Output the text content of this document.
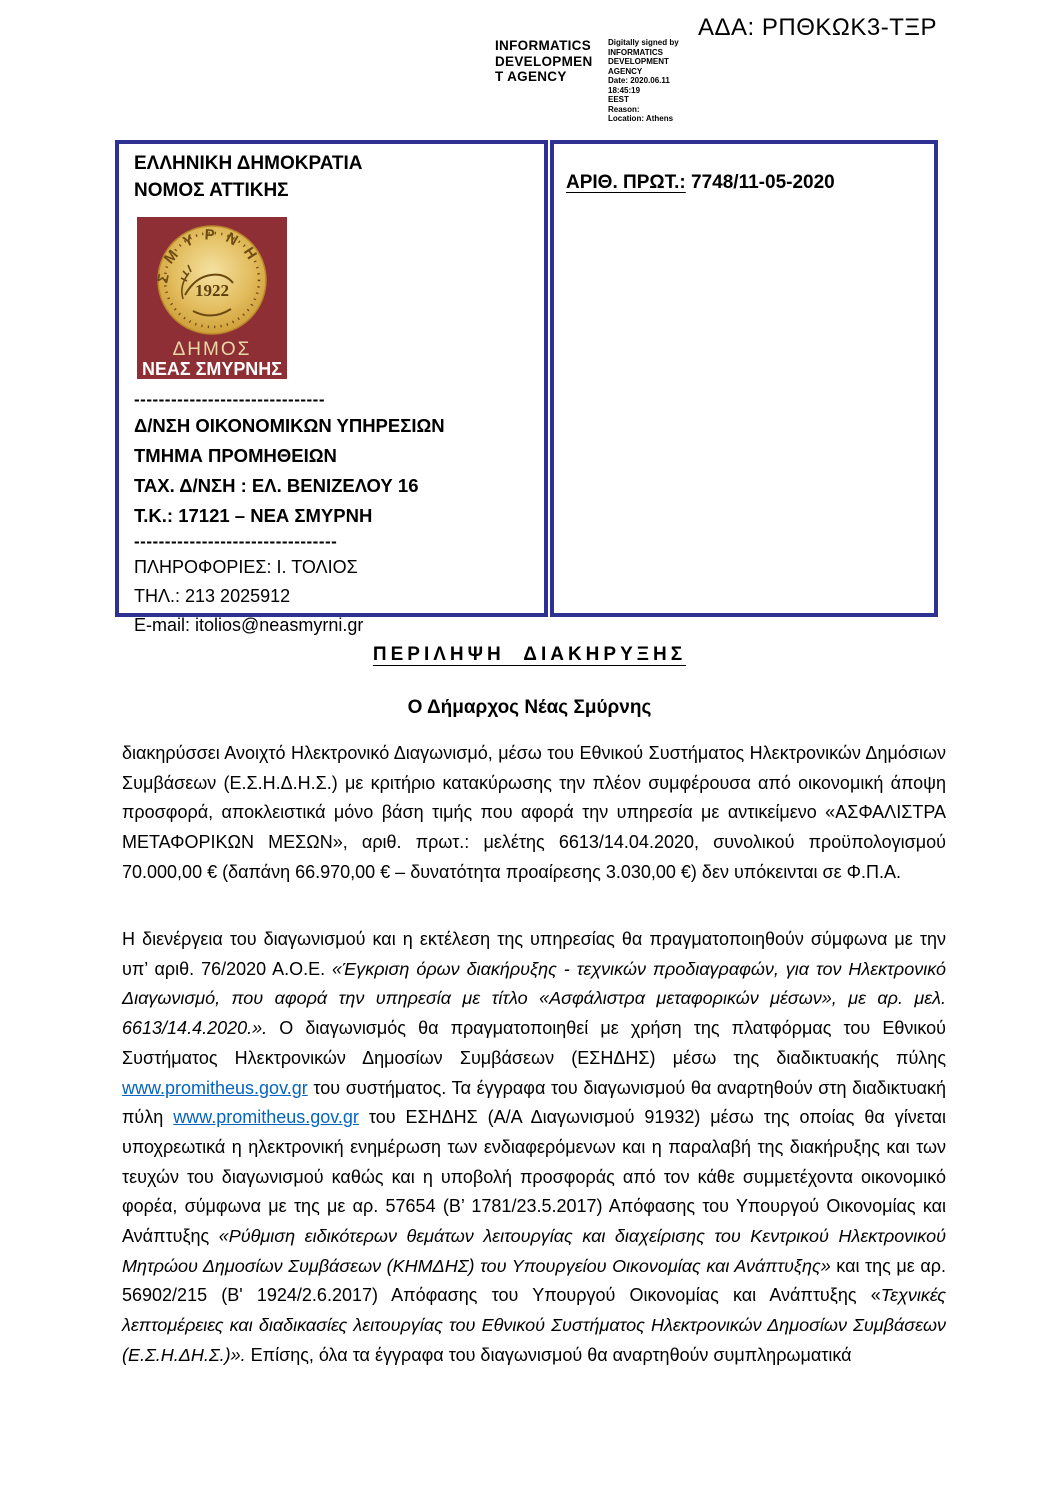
ΑΔΑ: ΡΠΘΚΩΚ3-ΤΞΡ
INFORMATICS
DEVELOPMEN
T AGENCY
Digitally signed by
INFORMATICS
DEVELOPMENT AGENCY
Date: 2020.06.11 18:45:19
EEST
Reason:
Location: Athens
ΕΛΛΗΝΙΚΗ ΔΗΜΟΚΡΑΤΙΑ
ΝΟΜΟΣ ΑΤΤΙΚΗΣ
ΣΜΥΡΝΗ
1922
ΔΗΜΟΣ
ΝΕΑΣ ΣΜΥΡΝΗΣ
-------------------------------
Δ/ΝΣΗ ΟΙΚΟΝΟΜΙΚΩΝ ΥΠΗΡΕΣΙΩΝ
ΤΜΗΜΑ ΠΡΟΜΗΘΕΙΩΝ
ΤΑΧ. Δ/ΝΣΗ : ΕΛ. ΒΕΝΙΖΕΛΟΥ 16
Τ.Κ.: 17121 – ΝΕΑ ΣΜΥΡΝΗ
---------------------------------
ΠΛΗΡΟΦΟΡΙΕΣ: Ι. ΤΟΛΙΟΣ
ΤΗΛ.: 213 2025912
E-mail: itolios@neasmyrni.gr
ΑΡΙΘ. ΠΡΩΤ.: 7748/11-05-2020
ΠΕΡΙΛΗΨΗ ΔΙΑΚΗΡΥΞΗΣ
Ο Δήμαρχος Νέας Σμύρνης

διακηρύσσει Ανοιχτό Ηλεκτρονικό Διαγωνισμό, μέσω του Εθνικού Συστήματος Ηλεκτρονικών Δημόσιων Συμβάσεων (Ε.Σ.Η.Δ.Η.Σ.) με κριτήριο κατακύρωσης την πλέον συμφέρουσα από οικονομική άποψη προσφορά, αποκλειστικά μόνο βάση τιμής που αφορά την υπηρεσία με αντικείμενο «ΑΣΦΑΛΙΣΤΡΑ ΜΕΤΑΦΟΡΙΚΩΝ ΜΕΣΩΝ», αριθ. πρωτ.: μελέτης 6613/14.04.2020, συνολικού προϋπολογισμού 70.000,00 € (δαπάνη 66.970,00 € – δυνατότητα προαίρεσης 3.030,00 €) δεν υπόκεινται σε Φ.Π.Α.

Η διενέργεια του διαγωνισμού και η εκτέλεση της υπηρεσίας θα πραγματοποιηθούν σύμφωνα με την υπ’ αριθ. 76/2020 Α.Ο.Ε. «Έγκριση όρων διακήρυξης - τεχνικών προδιαγραφών, για τον Ηλεκτρονικό Διαγωνισμό, που αφορά την υπηρεσία με τίτλο «Ασφάλιστρα μεταφορικών μέσων», με αρ. μελ. 6613/14.4.2020.». Ο διαγωνισμός θα πραγματοποιηθεί με χρήση της πλατφόρμας του Εθνικού Συστήματος Ηλεκτρονικών Δημοσίων Συμβάσεων (ΕΣΗΔΗΣ) μέσω της διαδικτυακής πύλης www.promitheus.gov.gr του συστήματος. Τα έγγραφα του διαγωνισμού θα αναρτηθούν στη διαδικτυακή πύλη www.promitheus.gov.gr του ΕΣΗΔΗΣ (Α/Α Διαγωνισμού 91932) μέσω της οποίας θα γίνεται υποχρεωτικά η ηλεκτρονική ενημέρωση των ενδιαφερόμενων και η παραλαβή της διακήρυξης και των τευχών του διαγωνισμού καθώς και η υποβολή προσφοράς από τον κάθε συμμετέχοντα οικονομικό φορέα, σύμφωνα με της με αρ. 57654 (Β’ 1781/23.5.2017) Απόφασης του Υπουργού Οικονομίας και Ανάπτυξης «Ρύθμιση ειδικότερων θεμάτων λειτουργίας και διαχείρισης του Κεντρικού Ηλεκτρονικού Μητρώου Δημοσίων Συμβάσεων (ΚΗΜΔΗΣ) του Υπουργείου Οικονομίας και Ανάπτυξης» και της με αρ. 56902/215 (Β' 1924/2.6.2017) Απόφασης του Υπουργού Οικονομίας και Ανάπτυξης «Τεχνικές λεπτομέρειες και διαδικασίες λειτουργίας του Εθνικού Συστήματος Ηλεκτρονικών Δημοσίων Συμβάσεων (Ε.Σ.Η.ΔΗ.Σ.)». Επίσης, όλα τα έγγραφα του διαγωνισμού θα αναρτηθούν συμπληρωματικά
